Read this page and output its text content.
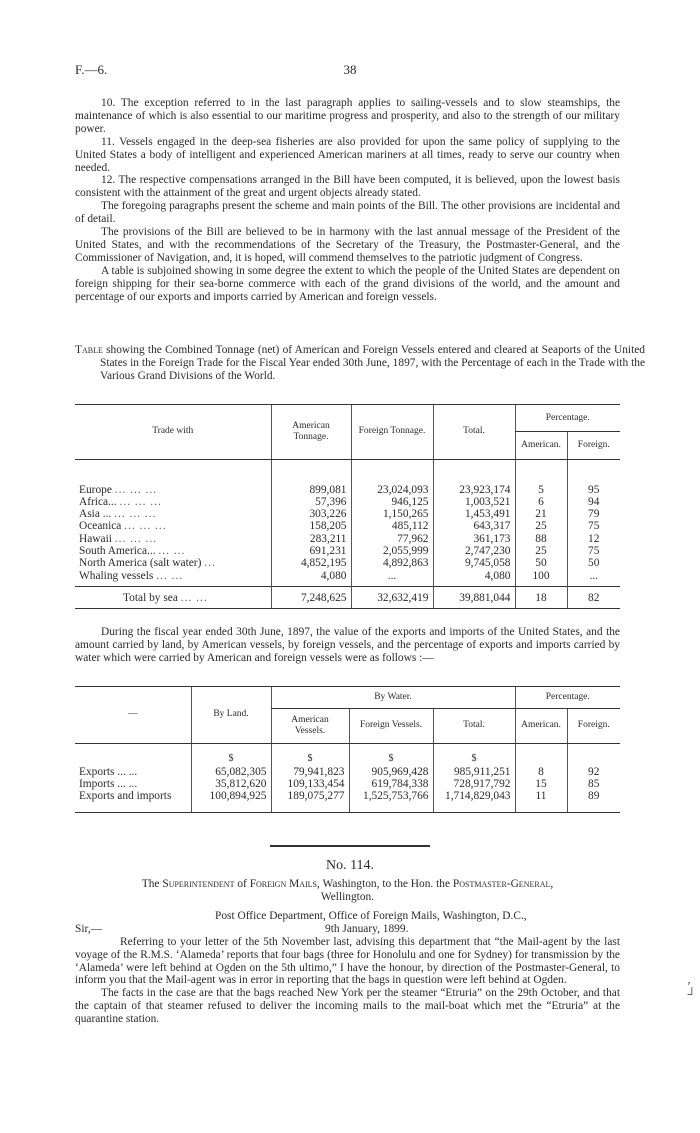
F.—6.	38

10. The exception referred to in the last paragraph applies to sailing-vessels and to slow steamships, the maintenance of which is also essential to our maritime progress and prosperity, and also to the strength of our military power.

11. Vessels engaged in the deep-sea fisheries are also provided for upon the same policy of supplying to the United States a body of intelligent and experienced American mariners at all times, ready to serve our country when needed.

12. The respective compensations arranged in the Bill have been computed, it is believed, upon the lowest basis consistent with the attainment of the great and urgent objects already stated.

The foregoing paragraphs present the scheme and main points of the Bill. The other provisions are incidental and of detail.

The provisions of the Bill are believed to be in harmony with the last annual message of the President of the United States, and with the recommendations of the Secretary of the Treasury, the Postmaster-General, and the Commissioner of Navigation, and, it is hoped, will commend themselves to the patriotic judgment of Congress.

A table is subjoined showing in some degree the extent to which the people of the United States are dependent on foreign shipping for their sea-borne commerce with each of the grand divisions of the world, and the amount and percentage of our exports and imports carried by American and foreign vessels.

Table showing the Combined Tonnage (net) of American and Foreign Vessels entered and cleared at Seaports of the United States in the Foreign Trade for the Fiscal Year ended 30th June, 1897, with the Percentage of each in the Trade with the Various Grand Divisions of the World.
Trade with	American Tonnage.	Foreign Tonnage.	Total.	Percentage.	
				American.	Foreign.

Europe ... ... ...	899,081	23,024,093	23,923,174	5	95
Africa... ... ... ...	57,396	946,125	1,003,521	6	94
Asia ... ... ... ...	303,226	1,150,265	1,453,491	21	79
Oceanica ... ... ...	158,205	485,112	643,317	25	75
Hawaii ... ... ...	283,211	77,962	361,173	88	12
South America... ... ...	691,231	2,055,999	2,747,230	25	75
North America (salt water) ...	4,852,195	4,892,863	9,745,058	50	50
Whaling vessels ... ...	4,080	...	4,080	100	...

Total by sea ... ...	7,248,625	32,632,419	39,881,044	18	82

During the fiscal year ended 30th June, 1897, the value of the exports and imports of the United States, and the amount carried by land, by American vessels, by foreign vessels, and the percentage of exports and imports carried by water which were carried by American and foreign vessels were as follows :—

—	By Land.	By Water.			Percentage.	
		American Vessels.	Foreign Vessels.	Total.	American.	Foreign.

	$	$	$	$		
Exports ... ...	65,082,305	79,941,823	905,969,428	985,911,251	8	92
Imports ... ...	35,812,620	109,133,454	619,784,338	728,917,792	15	85
Exports and imports	100,894,925	189,075,277	1,525,753,766	1,714,829,043	11	89

No. 114.
The Superintendent of Foreign Mails, Washington, to the Hon. the Postmaster-General,
Wellington.
Post Office Department, Office of Foreign Mails, Washington, D.C.,
Sir,—	9th January, 1899.

Referring to your letter of the 5th November last, advising this department that “the Mail-agent by the last voyage of the R.M.S. ‘Alameda’ reports that four bags (three for Honolulu and one for Sydney) for transmission by the ‘Alameda’ were left behind at Ogden on the 5th ultimo,” I have the honour, by direction of the Postmaster-General, to inform you that the Mail-agent was in error in reporting that the bags in question were left behind at Ogden.

The facts in the case are that the bags reached New York per the steamer “Etruria” on the 29th October, and that the captain of that steamer refused to deliver the incoming mails to the mail-boat which met the “Etruria” at the quarantine station.

,
┘
